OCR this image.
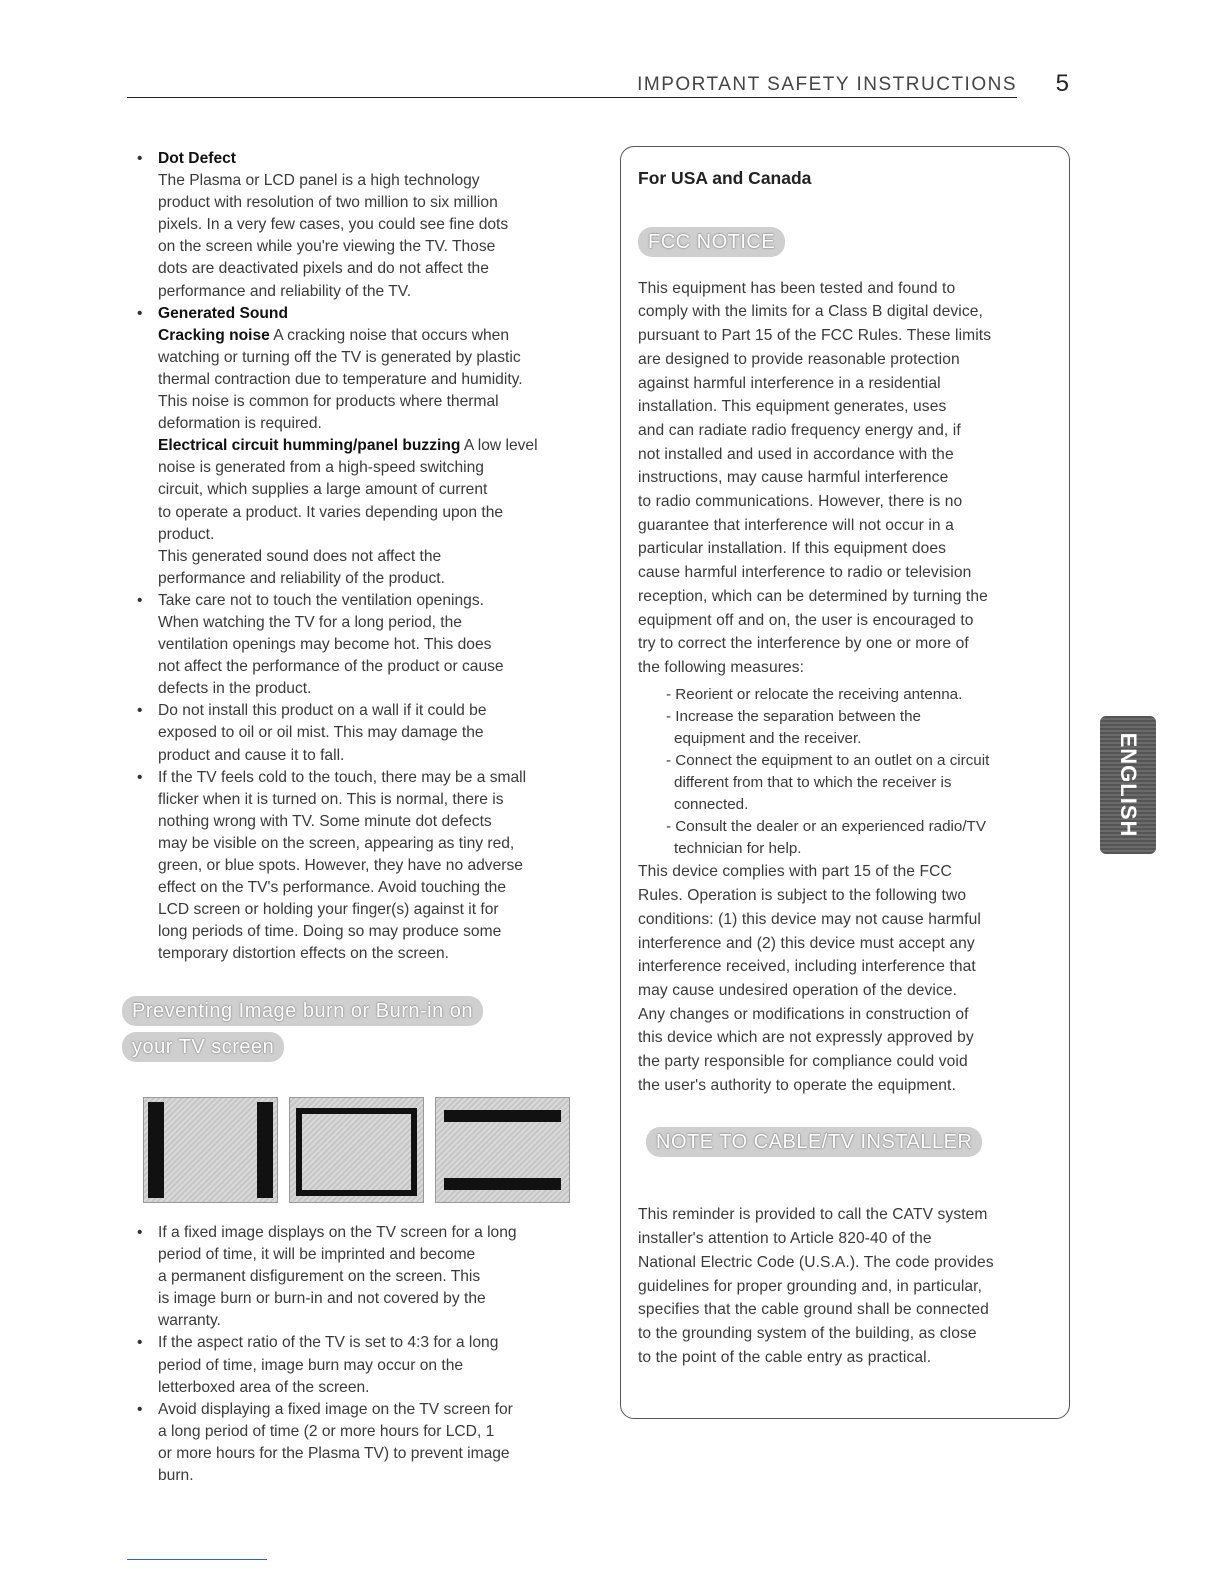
IMPORTANT SAFETY INSTRUCTIONS 5
• Dot Defect
The Plasma or LCD panel is a high technology
product with resolution of two million to six million
pixels. In a very few cases, you could see fine dots
on the screen while you're viewing the TV. Those
dots are deactivated pixels and do not affect the
performance and reliability of the TV.
• Generated Sound
Cracking noise A cracking noise that occurs when
watching or turning off the TV is generated by plastic
thermal contraction due to temperature and humidity.
This noise is common for products where thermal
deformation is required.
Electrical circuit humming/panel buzzing A low level
noise is generated from a high-speed switching
circuit, which supplies a large amount of current
to operate a product. It varies depending upon the
product.
This generated sound does not affect the
performance and reliability of the product.
• Take care not to touch the ventilation openings.
When watching the TV for a long period, the
ventilation openings may become hot. This does
not affect the performance of the product or cause
defects in the product.
• Do not install this product on a wall if it could be
exposed to oil or oil mist. This may damage the
product and cause it to fall.
• If the TV feels cold to the touch, there may be a small
flicker when it is turned on. This is normal, there is
nothing wrong with TV. Some minute dot defects
may be visible on the screen, appearing as tiny red,
green, or blue spots. However, they have no adverse
effect on the TV's performance. Avoid touching the
LCD screen or holding your finger(s) against it for
long periods of time. Doing so may produce some
temporary distortion effects on the screen.
Preventing Image burn or Burn-in on
your TV screen
• If a fixed image displays on the TV screen for a long
period of time, it will be imprinted and become
a permanent disfigurement on the screen. This
is image burn or burn-in and not covered by the
warranty.
• If the aspect ratio of the TV is set to 4:3 for a long
period of time, image burn may occur on the
letterboxed area of the screen.
• Avoid displaying a fixed image on the TV screen for
a long period of time (2 or more hours for LCD, 1
or more hours for the Plasma TV) to prevent image
burn.
For USA and Canada
FCC NOTICE
This equipment has been tested and found to
comply with the limits for a Class B digital device,
pursuant to Part 15 of the FCC Rules. These limits
are designed to provide reasonable protection
against harmful interference in a residential
installation. This equipment generates, uses
and can radiate radio frequency energy and, if
not installed and used in accordance with the
instructions, may cause harmful interference
to radio communications. However, there is no
guarantee that interference will not occur in a
particular installation. If this equipment does
cause harmful interference to radio or television
reception, which can be determined by turning the
equipment off and on, the user is encouraged to
try to correct the interference by one or more of
the following measures:
- Reorient or relocate the receiving antenna.
- Increase the separation between the
equipment and the receiver.
- Connect the equipment to an outlet on a circuit
different from that to which the receiver is
connected.
- Consult the dealer or an experienced radio/TV
technician for help.
This device complies with part 15 of the FCC
Rules. Operation is subject to the following two
conditions: (1) this device may not cause harmful
interference and (2) this device must accept any
interference received, including interference that
may cause undesired operation of the device.
Any changes or modifications in construction of
this device which are not expressly approved by
the party responsible for compliance could void
the user's authority to operate the equipment.
NOTE TO CABLE/TV INSTALLER
This reminder is provided to call the CATV system
installer's attention to Article 820-40 of the
National Electric Code (U.S.A.). The code provides
guidelines for proper grounding and, in particular,
specifies that the cable ground shall be connected
to the grounding system of the building, as close
to the point of the cable entry as practical.
ENGLISH
